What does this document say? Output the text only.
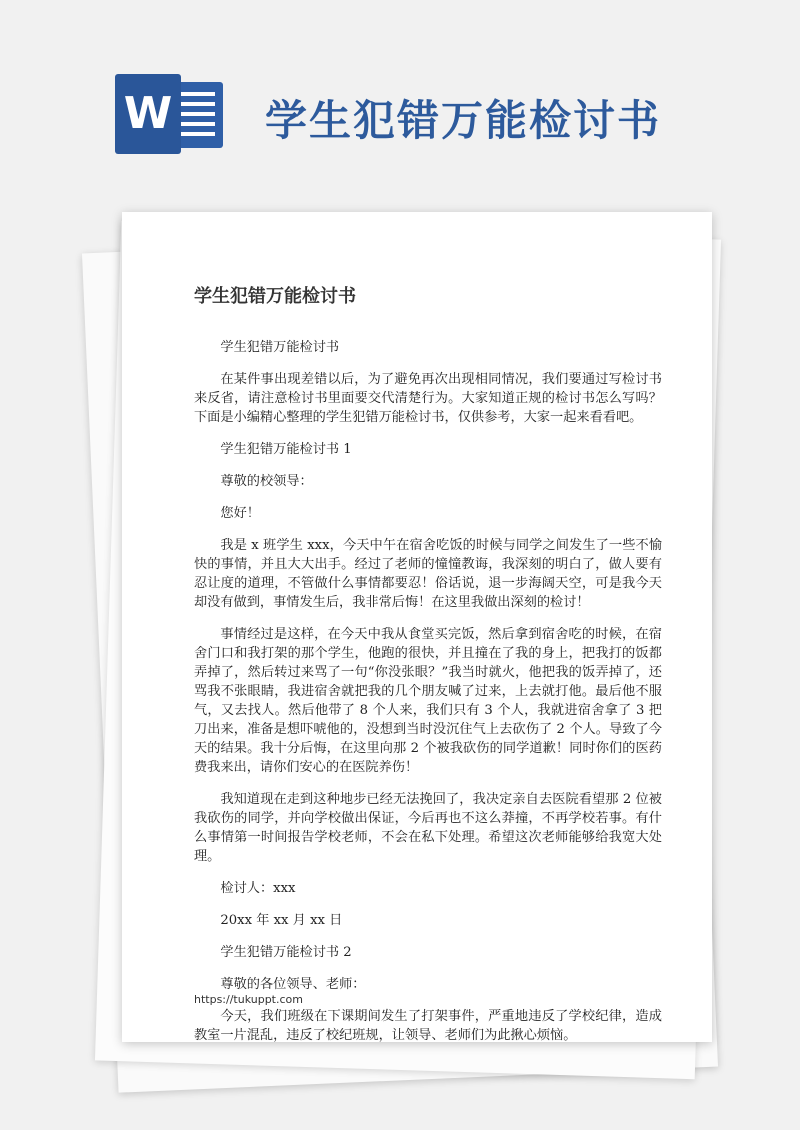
W 学生犯错万能检讨书
学生犯错万能检讨书

学生犯错万能检讨书

在某件事出现差错以后，为了避免再次出现相同情况，我们要通过写检讨书来反省，请注意检讨书里面要交代清楚行为。大家知道正规的检讨书怎么写吗？下面是小编精心整理的学生犯错万能检讨书，仅供参考，大家一起来看看吧。

学生犯错万能检讨书 1

尊敬的校领导：

您好！

我是 x 班学生 xxx，今天中午在宿舍吃饭的时候与同学之间发生了一些不愉快的事情，并且大大出手。经过了老师的憧憧教诲，我深刻的明白了，做人要有忍让度的道理，不管做什么事情都要忍！俗话说，退一步海阔天空，可是我今天却没有做到，事情发生后，我非常后悔！在这里我做出深刻的检讨！

事情经过是这样，在今天中我从食堂买完饭，然后拿到宿舍吃的时候，在宿舍门口和我打架的那个学生，他跑的很快，并且撞在了我的身上，把我打的饭都弄掉了，然后转过来骂了一句“你没张眼？”我当时就火，他把我的饭弄掉了，还骂我不张眼睛，我进宿舍就把我的几个朋友喊了过来，上去就打他。最后他不服气，又去找人。然后他带了 8 个人来，我们只有 3 个人，我就进宿舍拿了 3 把刀出来，准备是想吓唬他的，没想到当时没沉住气上去砍伤了 2 个人。导致了今天的结果。我十分后悔，在这里向那 2 个被我砍伤的同学道歉！同时你们的医药费我来出，请你们安心的在医院养伤！

我知道现在走到这种地步已经无法挽回了，我决定亲自去医院看望那 2 位被我砍伤的同学，并向学校做出保证，今后再也不这么莽撞，不再学校若事。有什么事情第一时间报告学校老师，不会在私下处理。希望这次老师能够给我宽大处理。

检讨人：xxx

20xx 年 xx 月 xx 日

学生犯错万能检讨书 2

尊敬的各位领导、老师：

今天，我们班级在下课期间发生了打架事件，严重地违反了学校纪律，造成教室一片混乱，违反了校纪班规，让领导、老师们为此揪心烦恼。

https://tukuppt.com
